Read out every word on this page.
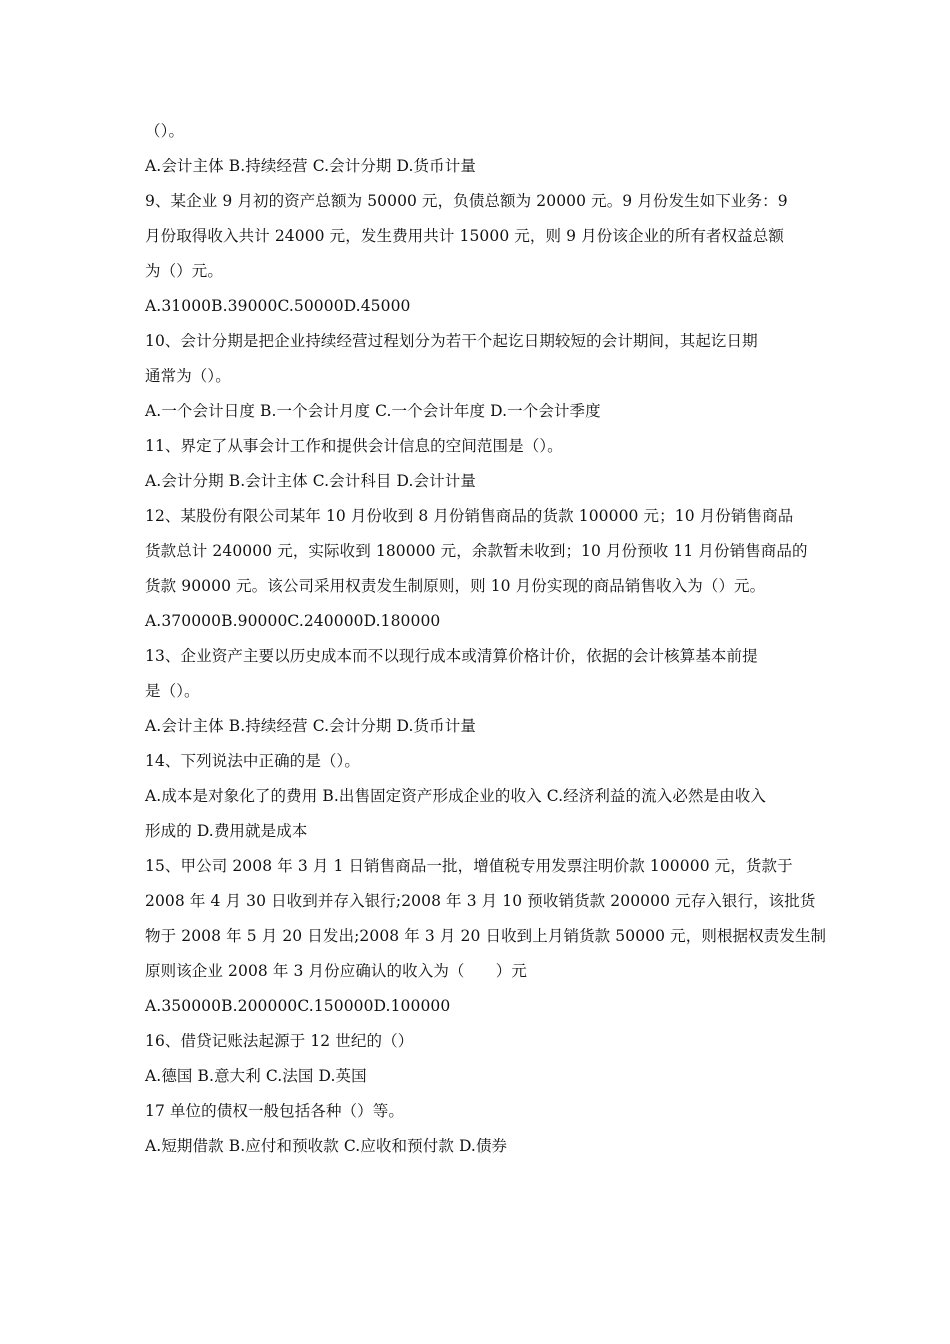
（）。
A.会计主体 B.持续经营 C.会计分期 D.货币计量
9、某企业 9 月初的资产总额为 50000 元，负债总额为 20000 元。9 月份发生如下业务：9
月份取得收入共计 24000 元，发生费用共计 15000 元，则 9 月份该企业的所有者权益总额
为（）元。
A.31000B.39000C.50000D.45000
10、会计分期是把企业持续经营过程划分为若干个起讫日期较短的会计期间，其起讫日期
通常为（）。
A.一个会计日度 B.一个会计月度 C.一个会计年度 D.一个会计季度
11、界定了从事会计工作和提供会计信息的空间范围是（）。
A.会计分期 B.会计主体 C.会计科目 D.会计计量
12、某股份有限公司某年 10 月份收到 8 月份销售商品的货款 100000 元；10 月份销售商品
货款总计 240000 元，实际收到 180000 元，余款暂未收到；10 月份预收 11 月份销售商品的
货款 90000 元。该公司采用权责发生制原则，则 10 月份实现的商品销售收入为（）元。
A.370000B.90000C.240000D.180000
13、企业资产主要以历史成本而不以现行成本或清算价格计价，依据的会计核算基本前提
是（）。
A.会计主体 B.持续经营 C.会计分期 D.货币计量
14、下列说法中正确的是（）。
A.成本是对象化了的费用 B.出售固定资产形成企业的收入 C.经济利益的流入必然是由收入
形成的 D.费用就是成本
15、甲公司 2008 年 3 月 1 日销售商品一批，增值税专用发票注明价款 100000 元，货款于
2008 年 4 月 30 日收到并存入银行;2008 年 3 月 10 预收销货款 200000 元存入银行，该批货
物于 2008 年 5 月 20 日发出;2008 年 3 月 20 日收到上月销货款 50000 元，则根据权责发生制
原则该企业 2008 年 3 月份应确认的收入为（　　）元
A.350000B.200000C.150000D.100000
16、借贷记账法起源于 12 世纪的（）
A.德国 B.意大利 C.法国 D.英国
17 单位的债权一般包括各种（）等。
A.短期借款 B.应付和预收款 C.应收和预付款 D.债券
